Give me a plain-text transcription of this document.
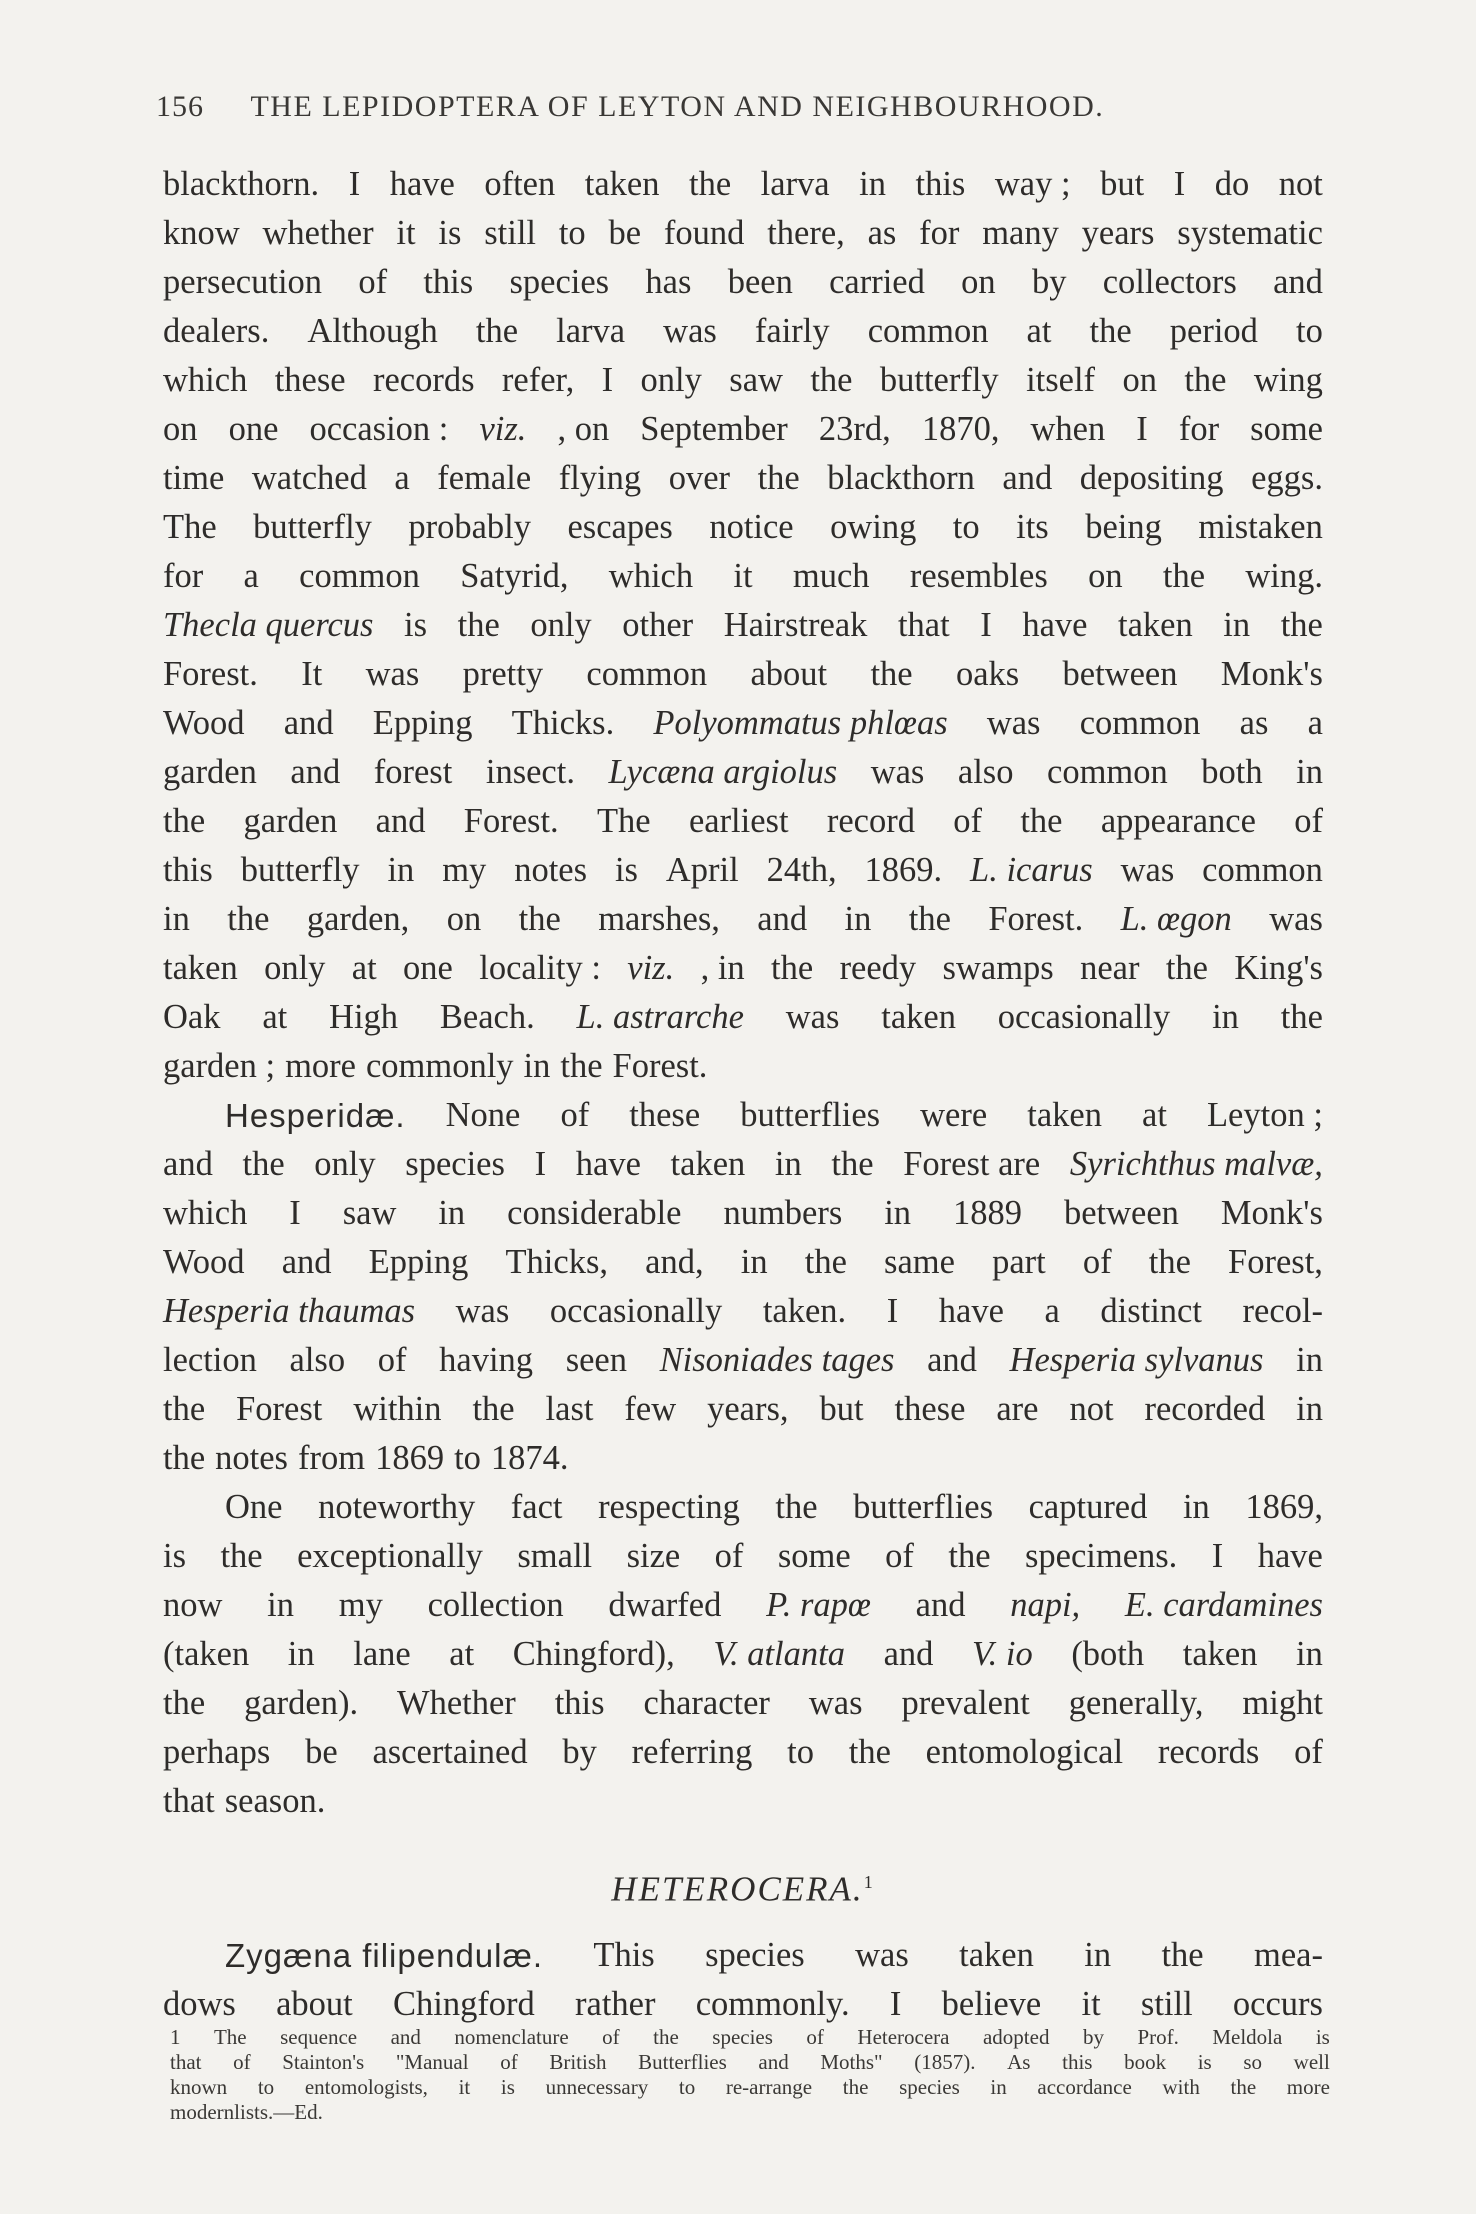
156 THE LEPIDOPTERA OF LEYTON AND NEIGHBOURHOOD.
blackthorn. I have often taken the larva in this way ; but I do not
know whether it is still to be found there, as for many years systematic
persecution of this species has been carried on by collectors and
dealers. Although the larva was fairly common at the period to
which these records refer, I only saw the butterfly itself on the wing
on one occasion : viz. , on September 23rd, 1870, when I for some
time watched a female flying over the blackthorn and depositing eggs.
The butterfly probably escapes notice owing to its being mistaken
for a common Satyrid, which it much resembles on the wing.
Thecla quercus is the only other Hairstreak that I have taken in the
Forest. It was pretty common about the oaks between Monk's
Wood and Epping Thicks. Polyommatus phlœas was common as a
garden and forest insect. Lycæna argiolus was also common both in
the garden and Forest. The earliest record of the appearance of
this butterfly in my notes is April 24th, 1869. L. icarus was common
in the garden, on the marshes, and in the Forest. L. œgon was
taken only at one locality : viz. , in the reedy swamps near the King's
Oak at High Beach. L. astrarche was taken occasionally in the
garden ; more commonly in the Forest.
Hesperidæ. None of these butterflies were taken at Leyton ;
and the only species I have taken in the Forest are Syrichthus malvæ,
which I saw in considerable numbers in 1889 between Monk's
Wood and Epping Thicks, and, in the same part of the Forest,
Hesperia thaumas was occasionally taken. I have a distinct recol-
lection also of having seen Nisoniades tages and Hesperia sylvanus in
the Forest within the last few years, but these are not recorded in
the notes from 1869 to 1874.
One noteworthy fact respecting the butterflies captured in 1869,
is the exceptionally small size of some of the specimens. I have
now in my collection dwarfed P. rapœ and napi, E. cardamines
(taken in lane at Chingford), V. atlanta and V. io (both taken in
the garden). Whether this character was prevalent generally, might
perhaps be ascertained by referring to the entomological records of
that season.
HETEROCERA.$^1$
Zygæna filipendulæ. This species was taken in the mea-
dows about Chingford rather commonly. I believe it still occurs
1 The sequence and nomenclature of the species of Heterocera adopted by Prof. Meldola is
that of Stainton's "Manual of British Butterflies and Moths" (1857). As this book is so well
known to entomologists, it is unnecessary to re-arrange the species in accordance with the more
modern lists.—Ed.
